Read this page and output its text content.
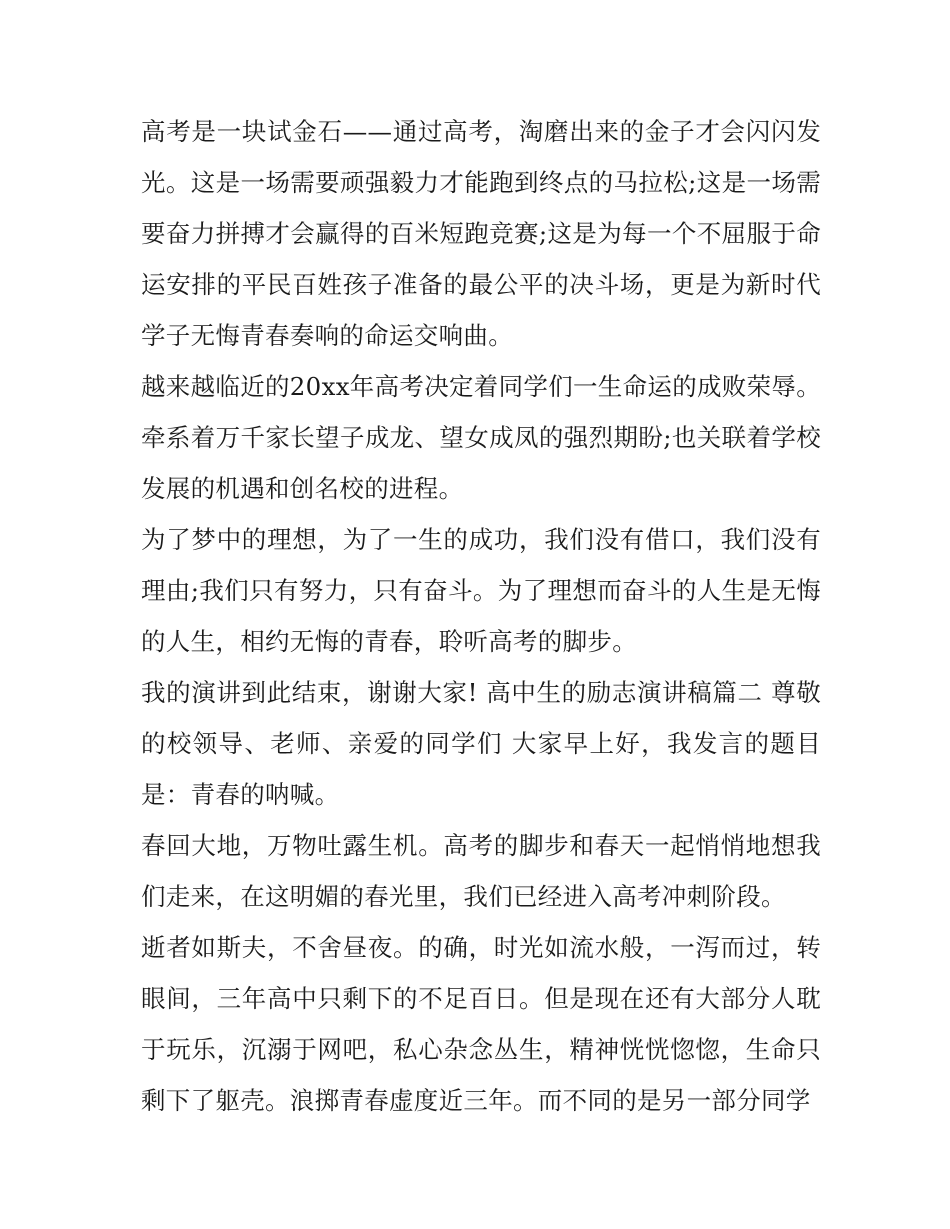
高考是一块试金石——通过高考，淘磨出来的金子才会闪闪发光。这是一场需要顽强毅力才能跑到终点的马拉松;这是一场需要奋力拼搏才会赢得的百米短跑竞赛;这是为每一个不屈服于命运安排的平民百姓孩子准备的最公平的决斗场，更是为新时代学子无悔青春奏响的命运交响曲。

越来越临近的20xx年高考决定着同学们一生命运的成败荣辱。牵系着万千家长望子成龙、望女成凤的强烈期盼;也关联着学校发展的机遇和创名校的进程。

为了梦中的理想，为了一生的成功，我们没有借口，我们没有理由;我们只有努力，只有奋斗。为了理想而奋斗的人生是无悔的人生，相约无悔的青春，聆听高考的脚步。

我的演讲到此结束，谢谢大家! 高中生的励志演讲稿篇二 尊敬的校领导、老师、亲爱的同学们 大家早上好，我发言的题目是：青春的呐喊。

春回大地，万物吐露生机。高考的脚步和春天一起悄悄地想我们走来，在这明媚的春光里，我们已经进入高考冲刺阶段。

逝者如斯夫，不舍昼夜。的确，时光如流水般，一泻而过，转眼间，三年高中只剩下的不足百日。但是现在还有大部分人耽于玩乐，沉溺于网吧，私心杂念丛生，精神恍恍惚惚，生命只剩下了躯壳。浪掷青春虚度近三年。而不同的是另一部分同学
